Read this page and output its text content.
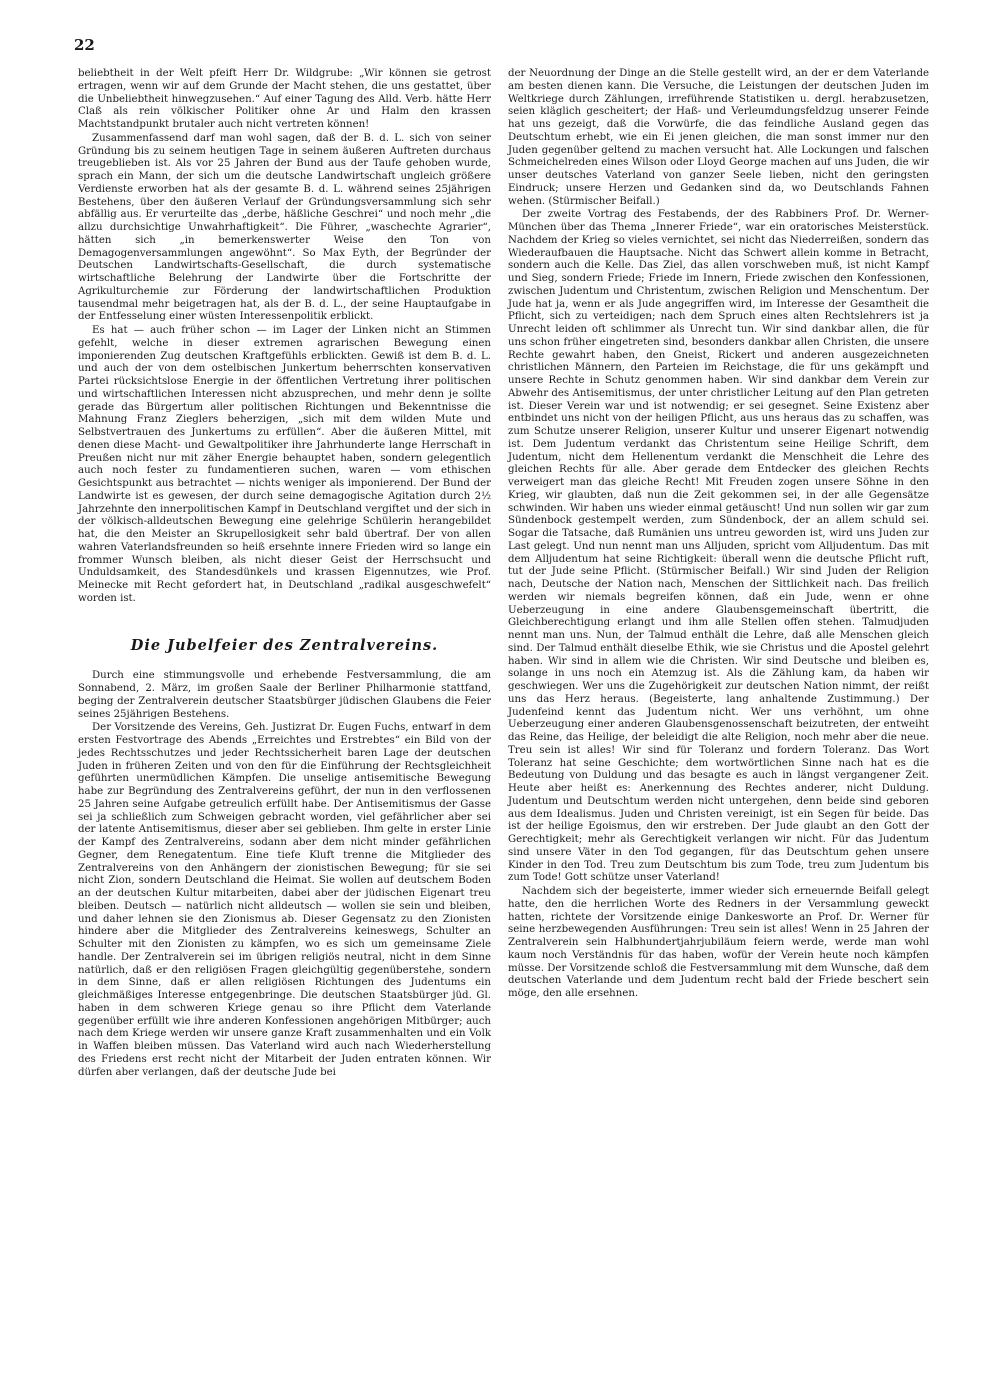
22

beliebtheit in der Welt pfeift Herr Dr. Wildgrube: „Wir können sie getrost ertragen, wenn wir auf dem Grunde der Macht stehen, die uns gestattet, über die Unbeliebtheit hinwegzusehen.“ Auf einer Tagung des Alld. Verb. hätte Herr Claß als rein völkischer Politiker ohne Ar und Halm den krassen Machtstandpunkt brutaler auch nicht vertreten können!

Zusammenfassend darf man wohl sagen, daß der B. d. L. sich von seiner Gründung bis zu seinem heutigen Tage in seinem äußeren Auftreten durchaus treugeblieben ist. Als vor 25 Jahren der Bund aus der Taufe gehoben wurde, sprach ein Mann, der sich um die deutsche Landwirtschaft ungleich größere Verdienste erworben hat als der gesamte B. d. L. während seines 25jährigen Bestehens, über den äußeren Verlauf der Gründungsversammlung sich sehr abfällig aus. Er verurteilte das „derbe, häßliche Geschrei“ und noch mehr „die allzu durchsichtige Unwahrhaftigkeit“. Die Führer, „waschechte Agrarier“, hätten sich „in bemerkenswerter Weise den Ton von Demagogenversammlungen angewöhnt“. So Max Eyth, der Begründer der Deutschen Landwirtschafts-Gesellschaft, die durch systematische wirtschaftliche Belehrung der Landwirte über die Fortschritte der Agrikulturchemie zur Förderung der landwirtschaftlichen Produktion tausendmal mehr beigetragen hat, als der B. d. L., der seine Hauptaufgabe in der Entfesselung einer wüsten Interessenpolitik erblickt.

Es hat — auch früher schon — im Lager der Linken nicht an Stimmen gefehlt, welche in dieser extremen agrarischen Bewegung einen imponierenden Zug deutschen Kraftgefühls erblickten. Gewiß ist dem B. d. L. und auch der von dem ostelbischen Junkertum beherrschten konservativen Partei rücksichtslose Energie in der öffentlichen Vertretung ihrer politischen und wirtschaftlichen Interessen nicht abzusprechen, und mehr denn je sollte gerade das Bürgertum aller politischen Richtungen und Bekenntnisse die Mahnung Franz Zieglers beherzigen, „sich mit dem wilden Mute und Selbstvertrauen des Junkertums zu erfüllen“. Aber die äußeren Mittel, mit denen diese Macht- und Gewaltpolitiker ihre Jahrhunderte lange Herrschaft in Preußen nicht nur mit zäher Energie behauptet haben, sondern gelegentlich auch noch fester zu fundamentieren suchen, waren — vom ethischen Gesichtspunkt aus betrachtet — nichts weniger als imponierend. Der Bund der Landwirte ist es gewesen, der durch seine demagogische Agitation durch 2½ Jahrzehnte den innerpolitischen Kampf in Deutschland vergiftet und der sich in der völkisch-alldeutschen Bewegung eine gelehrige Schülerin herangebildet hat, die den Meister an Skrupellosigkeit sehr bald übertraf. Der von allen wahren Vaterlandsfreunden so heiß ersehnte innere Frieden wird so lange ein frommer Wunsch bleiben, als nicht dieser Geist der Herrschsucht und Unduldsamkeit, des Standesdünkels und krassen Eigennutzes, wie Prof. Meinecke mit Recht gefordert hat, in Deutschland „radikal ausgeschwefelt“ worden ist.

Die Jubelfeier des Zentralvereins.

Durch eine stimmungsvolle und erhebende Festversammlung, die am Sonnabend, 2. März, im großen Saale der Berliner Philharmonie stattfand, beging der Zentralverein deutscher Staatsbürger jüdischen Glaubens die Feier seines 25jährigen Bestehens.

Der Vorsitzende des Vereins, Geh. Justizrat Dr. Eugen Fuchs, entwarf in dem ersten Festvortrage des Abends „Erreichtes und Erstrebtes“ ein Bild von der jedes Rechtsschutzes und jeder Rechtssicherheit baren Lage der deutschen Juden in früheren Zeiten und von den für die Einführung der Rechtsgleichheit geführten unermüdlichen Kämpfen. Die unselige antisemitische Bewegung habe zur Begründung des Zentralvereins geführt, der nun in den verflossenen 25 Jahren seine Aufgabe getreulich erfüllt habe. Der Antisemitismus der Gasse sei ja schließlich zum Schweigen gebracht worden, viel gefährlicher aber sei der latente Antisemitismus, dieser aber sei geblieben. Ihm gelte in erster Linie der Kampf des Zentralvereins, sodann aber dem nicht minder gefährlichen Gegner, dem Renegatentum. Eine tiefe Kluft trenne die Mitglieder des Zentralvereins von den Anhängern der zionistischen Bewegung; für sie sei nicht Zion, sondern Deutschland die Heimat. Sie wollen auf deutschem Boden an der deutschen Kultur mitarbeiten, dabei aber der jüdischen Eigenart treu bleiben. Deutsch — natürlich nicht alldeutsch — wollen sie sein und bleiben, und daher lehnen sie den Zionismus ab. Dieser Gegensatz zu den Zionisten hindere aber die Mitglieder des Zentralvereins keineswegs, Schulter an Schulter mit den Zionisten zu kämpfen, wo es sich um gemeinsame Ziele handle. Der Zentralverein sei im übrigen religiös neutral, nicht in dem Sinne natürlich, daß er den religiösen Fragen gleichgültig gegenüberstehe, sondern in dem Sinne, daß er allen religiösen Richtungen des Judentums ein gleichmäßiges Interesse entgegenbringe. Die deutschen Staatsbürger jüd. Gl. haben in dem schweren Kriege genau so ihre Pflicht dem Vaterlande gegenüber erfüllt wie ihre anderen Konfessionen angehörigen Mitbürger; auch nach dem Kriege werden wir unsere ganze Kraft zusammenhalten und ein Volk in Waffen bleiben müssen. Das Vaterland wird auch nach Wiederherstellung des Friedens erst recht nicht der Mitarbeit der Juden entraten können. Wir dürfen aber verlangen, daß der deutsche Jude bei

der Neuordnung der Dinge an die Stelle gestellt wird, an der er dem Vaterlande am besten dienen kann. Die Versuche, die Leistungen der deutschen Juden im Weltkriege durch Zählungen, irreführende Statistiken u. dergl. herabzusetzen, seien kläglich gescheitert; der Haß- und Verleumdungsfeldzug unserer Feinde hat uns gezeigt, daß die Vorwürfe, die das feindliche Ausland gegen das Deutschtum erhebt, wie ein Ei jenen gleichen, die man sonst immer nur den Juden gegenüber geltend zu machen versucht hat. Alle Lockungen und falschen Schmeichelreden eines Wilson oder Lloyd George machen auf uns Juden, die wir unser deutsches Vaterland von ganzer Seele lieben, nicht den geringsten Eindruck; unsere Herzen und Gedanken sind da, wo Deutschlands Fahnen wehen. (Stürmischer Beifall.)

Der zweite Vortrag des Festabends, der des Rabbiners Prof. Dr. Werner-München über das Thema „Innerer Friede“, war ein oratorisches Meisterstück. Nachdem der Krieg so vieles vernichtet, sei nicht das Niederreißen, sondern das Wiederaufbauen die Hauptsache. Nicht das Schwert allein komme in Betracht, sondern auch die Kelle. Das Ziel, das allen vorschweben muß, ist nicht Kampf und Sieg, sondern Friede; Friede im Innern, Friede zwischen den Konfessionen, zwischen Judentum und Christentum, zwischen Religion und Menschentum. Der Jude hat ja, wenn er als Jude angegriffen wird, im Interesse der Gesamtheit die Pflicht, sich zu verteidigen; nach dem Spruch eines alten Rechtslehrers ist ja Unrecht leiden oft schlimmer als Unrecht tun. Wir sind dankbar allen, die für uns schon früher eingetreten sind, besonders dankbar allen Christen, die unsere Rechte gewahrt haben, den Gneist, Rickert und anderen ausgezeichneten christlichen Männern, den Parteien im Reichstage, die für uns gekämpft und unsere Rechte in Schutz genommen haben. Wir sind dankbar dem Verein zur Abwehr des Antisemitismus, der unter christlicher Leitung auf den Plan getreten ist. Dieser Verein war und ist notwendig; er sei gesegnet. Seine Existenz aber entbindet uns nicht von der heiligen Pflicht, aus uns heraus das zu schaffen, was zum Schutze unserer Religion, unserer Kultur und unserer Eigenart notwendig ist. Dem Judentum verdankt das Christentum seine Heilige Schrift, dem Judentum, nicht dem Hellenentum verdankt die Menschheit die Lehre des gleichen Rechts für alle. Aber gerade dem Entdecker des gleichen Rechts verweigert man das gleiche Recht! Mit Freuden zogen unsere Söhne in den Krieg, wir glaubten, daß nun die Zeit gekommen sei, in der alle Gegensätze schwinden. Wir haben uns wieder einmal getäuscht! Und nun sollen wir gar zum Sündenbock gestempelt werden, zum Sündenbock, der an allem schuld sei. Sogar die Tatsache, daß Rumänien uns untreu geworden ist, wird uns Juden zur Last gelegt. Und nun nennt man uns Alljuden, spricht vom Alljudentum. Das mit dem Alljudentum hat seine Richtigkeit: überall wenn die deutsche Pflicht ruft, tut der Jude seine Pflicht. (Stürmischer Beifall.) Wir sind Juden der Religion nach, Deutsche der Nation nach, Menschen der Sittlichkeit nach. Das freilich werden wir niemals begreifen können, daß ein Jude, wenn er ohne Ueberzeugung in eine andere Glaubensgemeinschaft übertritt, die Gleichberechtigung erlangt und ihm alle Stellen offen stehen. Talmudjuden nennt man uns. Nun, der Talmud enthält die Lehre, daß alle Menschen gleich sind. Der Talmud enthält dieselbe Ethik, wie sie Christus und die Apostel gelehrt haben. Wir sind in allem wie die Christen. Wir sind Deutsche und bleiben es, solange in uns noch ein Atemzug ist. Als die Zählung kam, da haben wir geschwiegen. Wer uns die Zugehörigkeit zur deutschen Nation nimmt, der reißt uns das Herz heraus. (Begeisterte, lang anhaltende Zustimmung.) Der Judenfeind kennt das Judentum nicht. Wer uns verhöhnt, um ohne Ueberzeugung einer anderen Glaubensgenossenschaft beizutreten, der entweiht das Reine, das Heilige, der beleidigt die alte Religion, noch mehr aber die neue. Treu sein ist alles! Wir sind für Toleranz und fordern Toleranz. Das Wort Toleranz hat seine Geschichte; dem wortwörtlichen Sinne nach hat es die Bedeutung von Duldung und das besagte es auch in längst vergangener Zeit. Heute aber heißt es: Anerkennung des Rechtes anderer, nicht Duldung. Judentum und Deutschtum werden nicht untergehen, denn beide sind geboren aus dem Idealismus. Juden und Christen vereinigt, ist ein Segen für beide. Das ist der heilige Egoismus, den wir erstreben. Der Jude glaubt an den Gott der Gerechtigkeit; mehr als Gerechtigkeit verlangen wir nicht. Für das Judentum sind unsere Väter in den Tod gegangen, für das Deutschtum gehen unsere Kinder in den Tod. Treu zum Deutschtum bis zum Tode, treu zum Judentum bis zum Tode! Gott schütze unser Vaterland!

Nachdem sich der begeisterte, immer wieder sich erneuernde Beifall gelegt hatte, den die herrlichen Worte des Redners in der Versammlung geweckt hatten, richtete der Vorsitzende einige Dankesworte an Prof. Dr. Werner für seine herzbewegenden Ausführungen: Treu sein ist alles! Wenn in 25 Jahren der Zentralverein sein Halbhundertjahrjubiläum feiern werde, werde man wohl kaum noch Verständnis für das haben, wofür der Verein heute noch kämpfen müsse. Der Vorsitzende schloß die Festversammlung mit dem Wunsche, daß dem deutschen Vaterlande und dem Judentum recht bald der Friede beschert sein möge, den alle ersehnen.
